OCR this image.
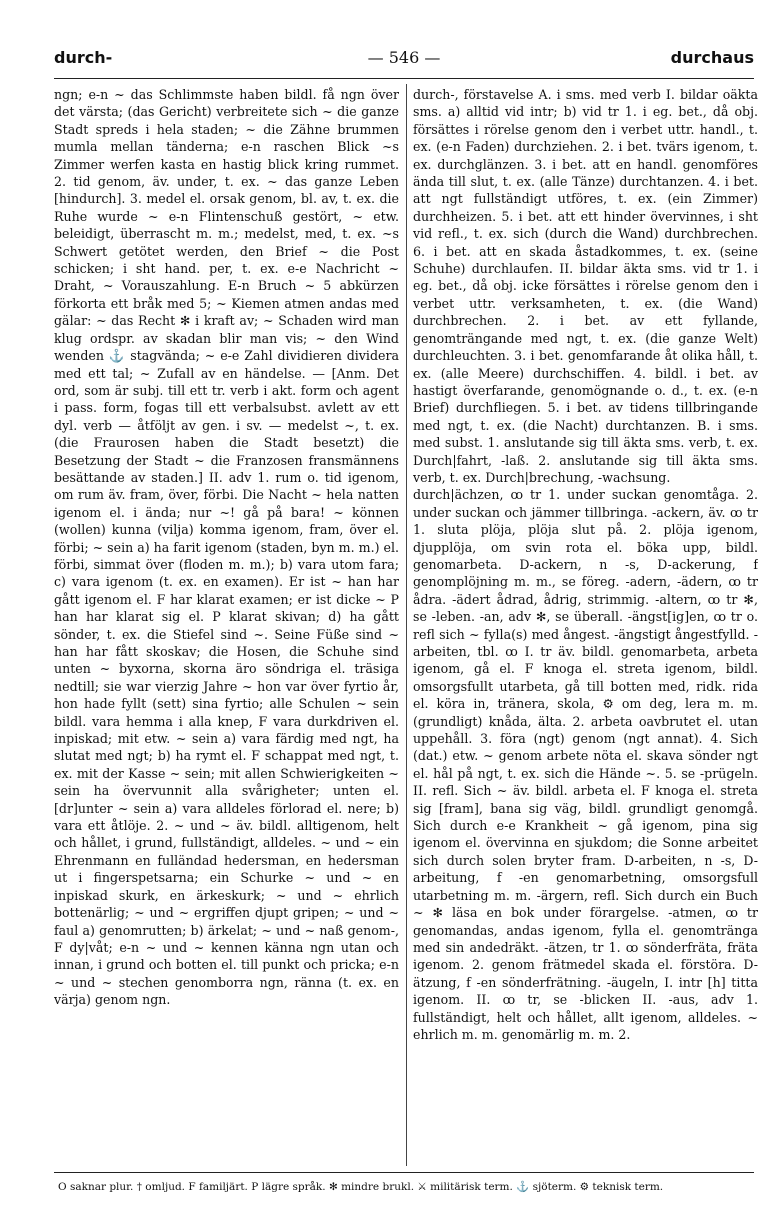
durch-	— 546 —	durchaus

ngn; e-n ~ das Schlimmste haben bildl. få ngn över det värsta; (das Gericht) verbreitete sich ~ die ganze Stadt spreds i hela staden; ~ die Zähne brummen mumla mellan tänderna; e-n raschen Blick ~s Zimmer werfen kasta en hastig blick kring rummet. 2. tid genom, äv. under, t. ex. ~ das ganze Leben [hindurch]. 3. medel el. orsak genom, bl. av, t. ex. die Ruhe wurde ~ e-n Flintenschuß gestört, ~ etw. beleidigt, überrascht m. m.; medelst, med, t. ex. ~s Schwert getötet werden, den Brief ~ die Post schicken; i sht hand. per, t. ex. e-e Nachricht ~ Draht, ~ Vorauszahlung. E-n Bruch ~ 5 abkürzen förkorta ett bråk med 5; ~ Kiemen atmen andas med gälar: ~ das Recht ✻ i kraft av; ~ Schaden wird man klug ordspr. av skadan blir man vis; ~ den Wind wenden ⚓ stagvända; ~ e-e Zahl dividieren dividera med ett tal; ~ Zufall av en händelse. — [Anm. Det ord, som är subj. till ett tr. verb i akt. form och agent i pass. form, fogas till ett verbalsubst. avlett av ett dyl. verb — åtföljt av gen. i sv. — medelst ~, t. ex. (die Fraurosen haben die Stadt besetzt) die Besetzung der Stadt ~ die Franzosen fransmännens besättande av staden.] II. adv 1. rum o. tid igenom, om rum äv. fram, över, förbi. Die Nacht ~ hela natten igenom el. i ända; nur ~! gå på bara! ~ können (wollen) kunna (vilja) komma igenom, fram, över el. förbi; ~ sein a) ha farit igenom (staden, byn m. m.) el. förbi, simmat över (floden m. m.); b) vara utom fara; c) vara igenom (t. ex. en examen). Er ist ~ han har gått igenom el. F har klarat examen; er ist dicke ~ P han har klarat sig el. P klarat skivan; d) ha gått sönder, t. ex. die Stiefel sind ~. Seine Füße sind ~ han har fått skoskav; die Hosen, die Schuhe sind unten ~ byxorna, skorna äro söndriga el. träsiga nedtill; sie war vierzig Jahre ~ hon var över fyrtio år, hon hade fyllt (sett) sina fyrtio; alle Schulen ~ sein bildl. vara hemma i alla knep, F vara durkdriven el. inpiskad; mit etw. ~ sein a) vara färdig med ngt, ha slutat med ngt; b) ha rymt el. F schappat med ngt, t. ex. mit der Kasse ~ sein; mit allen Schwierigkeiten ~ sein ha övervunnit alla svårigheter; unten el. [dr]unter ~ sein a) vara alldeles förlorad el. nere; b) vara ett åtlöje. 2. ~ und ~ äv. bildl. alltigenom, helt och hållet, i grund, fullständigt, alldeles. ~ und ~ ein Ehrenmann en fulländad hedersman, en hedersman ut i fingerspetsarna; ein Schurke ~ und ~ en inpiskad skurk, en ärkeskurk; ~ und ~ ehrlich bottenärlig; ~ und ~ ergriffen djupt gripen; ~ und ~ faul a) genomrutten; b) ärkelat; ~ und ~ naß genom-, F dy|våt; e-n ~ und ~ kennen känna ngn utan och innan, i grund och botten el. till punkt och pricka; e-n ~ und ~ stechen genomborra ngn, ränna (t. ex. en värja) genom ngn.

durch-, förstavelse A. i sms. med verb I. bildar oäkta sms. a) alltid vid intr; b) vid tr 1. i eg. bet., då obj. försättes i rörelse genom den i verbet uttr. handl., t. ex. (e-n Faden) durchziehen. 2. i bet. tvärs igenom, t. ex. durchglänzen. 3. i bet. att en handl. genomföres ända till slut, t. ex. (alle Tänze) durchtanzen. 4. i bet. att ngt fullständigt utföres, t. ex. (ein Zimmer) durchheizen. 5. i bet. att ett hinder övervinnes, i sht vid refl., t. ex. sich (durch die Wand) durchbrechen. 6. i bet. att en skada åstadkommes, t. ex. (seine Schuhe) durchlaufen. II. bildar äkta sms. vid tr 1. i eg. bet., då obj. icke försättes i rörelse genom den i verbet uttr. verksamheten, t. ex. (die Wand) durchbrechen. 2. i bet. av ett fyllande, genomträngande med ngt, t. ex. (die ganze Welt) durchleuchten. 3. i bet. genomfarande åt olika håll, t. ex. (alle Meere) durchschiffen. 4. bildl. i bet. av hastigt överfarande, genomögnande o. d., t. ex. (e-n Brief) durchfliegen. 5. i bet. av tidens tillbringande med ngt, t. ex. (die Nacht) durchtanzen. B. i sms. med subst. 1. anslutande sig till äkta sms. verb, t. ex. Durch|fahrt, -laß. 2. anslutande sig till äkta sms. verb, t. ex. Durch|brechung, -wachsung.

durch|ächzen, ꝏ tr 1. under suckan genomtåga. 2. under suckan och jämmer tillbringa. -ackern, äv. ꝏ tr 1. sluta plöja, plöja slut på. 2. plöja igenom, djupplöja, om svin rota el. böka upp, bildl. genomarbeta. D-ackern, n -s, D-ackerung, f genomplöjning m. m., se föreg. -adern, -ädern, ꝏ tr ådra. -ädert ådrad, ådrig, strimmig. -altern, ꝏ tr ✻, se -leben. -an, adv ✻, se überall. -ängst[ig]en, ꝏ tr o. refl sich ~ fylla(s) med ångest. -ängstigt ångestfylld. -arbeiten, tbl. ꝏ I. tr äv. bildl. genomarbeta, arbeta igenom, gå el. F knoga el. streta igenom, bildl. omsorgsfullt utarbeta, gå till botten med, ridk. rida el. köra in, tränera, skola, ⚙ om deg, lera m. m. (grundligt) knåda, älta. 2. arbeta oavbrutet el. utan uppehåll. 3. föra (ngt) genom (ngt annat). 4. Sich (dat.) etw. ~ genom arbete nöta el. skava sönder ngt el. hål på ngt, t. ex. sich die Hände ~. 5. se -prügeln. II. refl. Sich ~ äv. bildl. arbeta el. F knoga el. streta sig [fram], bana sig väg, bildl. grundligt genomgå. Sich durch e-e Krankheit ~ gå igenom, pina sig igenom el. övervinna en sjukdom; die Sonne arbeitet sich durch solen bryter fram. D-arbeiten, n -s, D-arbeitung, f -en genomarbetning, omsorgsfull utarbetning m. m. -ärgern, refl. Sich durch ein Buch ~ ✻ läsa en bok under förargelse. -atmen, ꝏ tr genomandas, andas igenom, fylla el. genomtränga med sin andedräkt. -ätzen, tr 1. ꝏ sönderfräta, fräta igenom. 2. genom frätmedel skada el. förstöra. D-ätzung, f -en sönderfrätning. -äugeln, I. intr [h] titta igenom. II. ꝏ tr, se -blicken II. -aus, adv 1. fullständigt, helt och hållet, allt igenom, alldeles. ~ ehrlich m. m. genomärlig m. m. 2.

O saknar plur. † omljud. F familjärt. P lägre språk. ✻ mindre brukl. ⚔ militärisk term. ⚓ sjöterm. ⚙ teknisk term.
